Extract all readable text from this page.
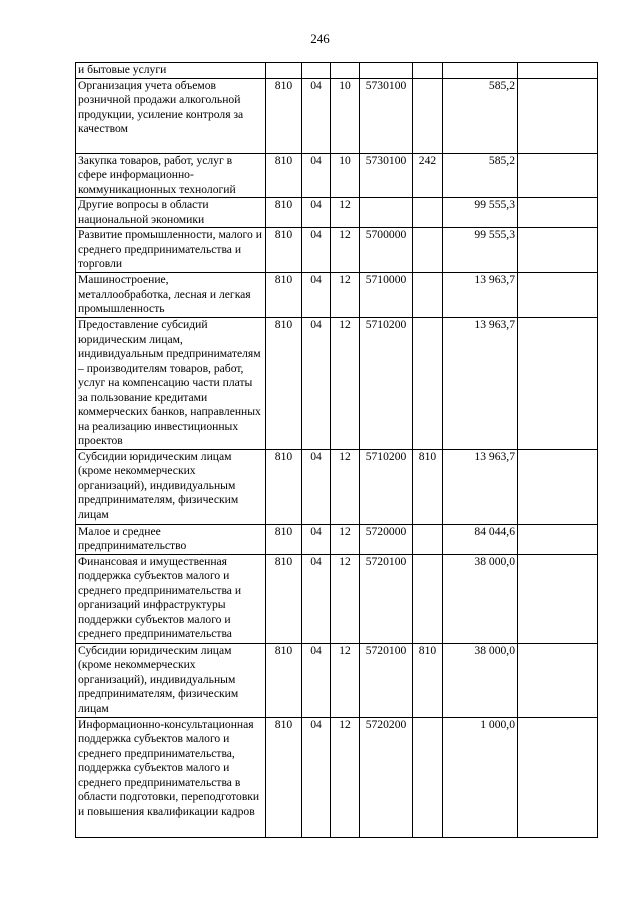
246
и бытовые услуги							
Организация учета объемов розничной продажи алкогольной продукции, усиление контроля за качеством	810	04	10	5730100		585,2	
Закупка товаров, работ, услуг в сфере информационно-коммуникационных технологий	810	04	10	5730100	242	585,2	
Другие вопросы в области национальной экономики	810	04	12			99 555,3	
Развитие промышленности, малого и среднего предпринимательства и торговли	810	04	12	5700000		99 555,3	
Машиностроение, металлообработка, лесная и легкая промышленность	810	04	12	5710000		13 963,7	
Предоставление субсидий юридическим лицам, индивидуальным предпринимателям – производителям товаров, работ, услуг на компенсацию части платы за пользование кредитами коммерческих банков, направленных на реализацию инвестиционных проектов	810	04	12	5710200		13 963,7	
Субсидии юридическим лицам (кроме некоммерческих организаций), индивидуальным предпринимателям, физическим лицам	810	04	12	5710200	810	13 963,7	
Малое и среднее предпринимательство	810	04	12	5720000		84 044,6	
Финансовая и имущественная поддержка субъектов малого и среднего предпринимательства и организаций инфраструктуры поддержки субъектов малого и среднего предпринимательства	810	04	12	5720100		38 000,0	
Субсидии юридическим лицам (кроме некоммерческих организаций), индивидуальным предпринимателям, физическим лицам	810	04	12	5720100	810	38 000,0	
Информационно-консультационная поддержка субъектов малого и среднего предпринимательства, поддержка субъектов малого и среднего предпринимательства в области подготовки, переподготовки и повышения квалификации кадров	810	04	12	5720200		1 000,0	
